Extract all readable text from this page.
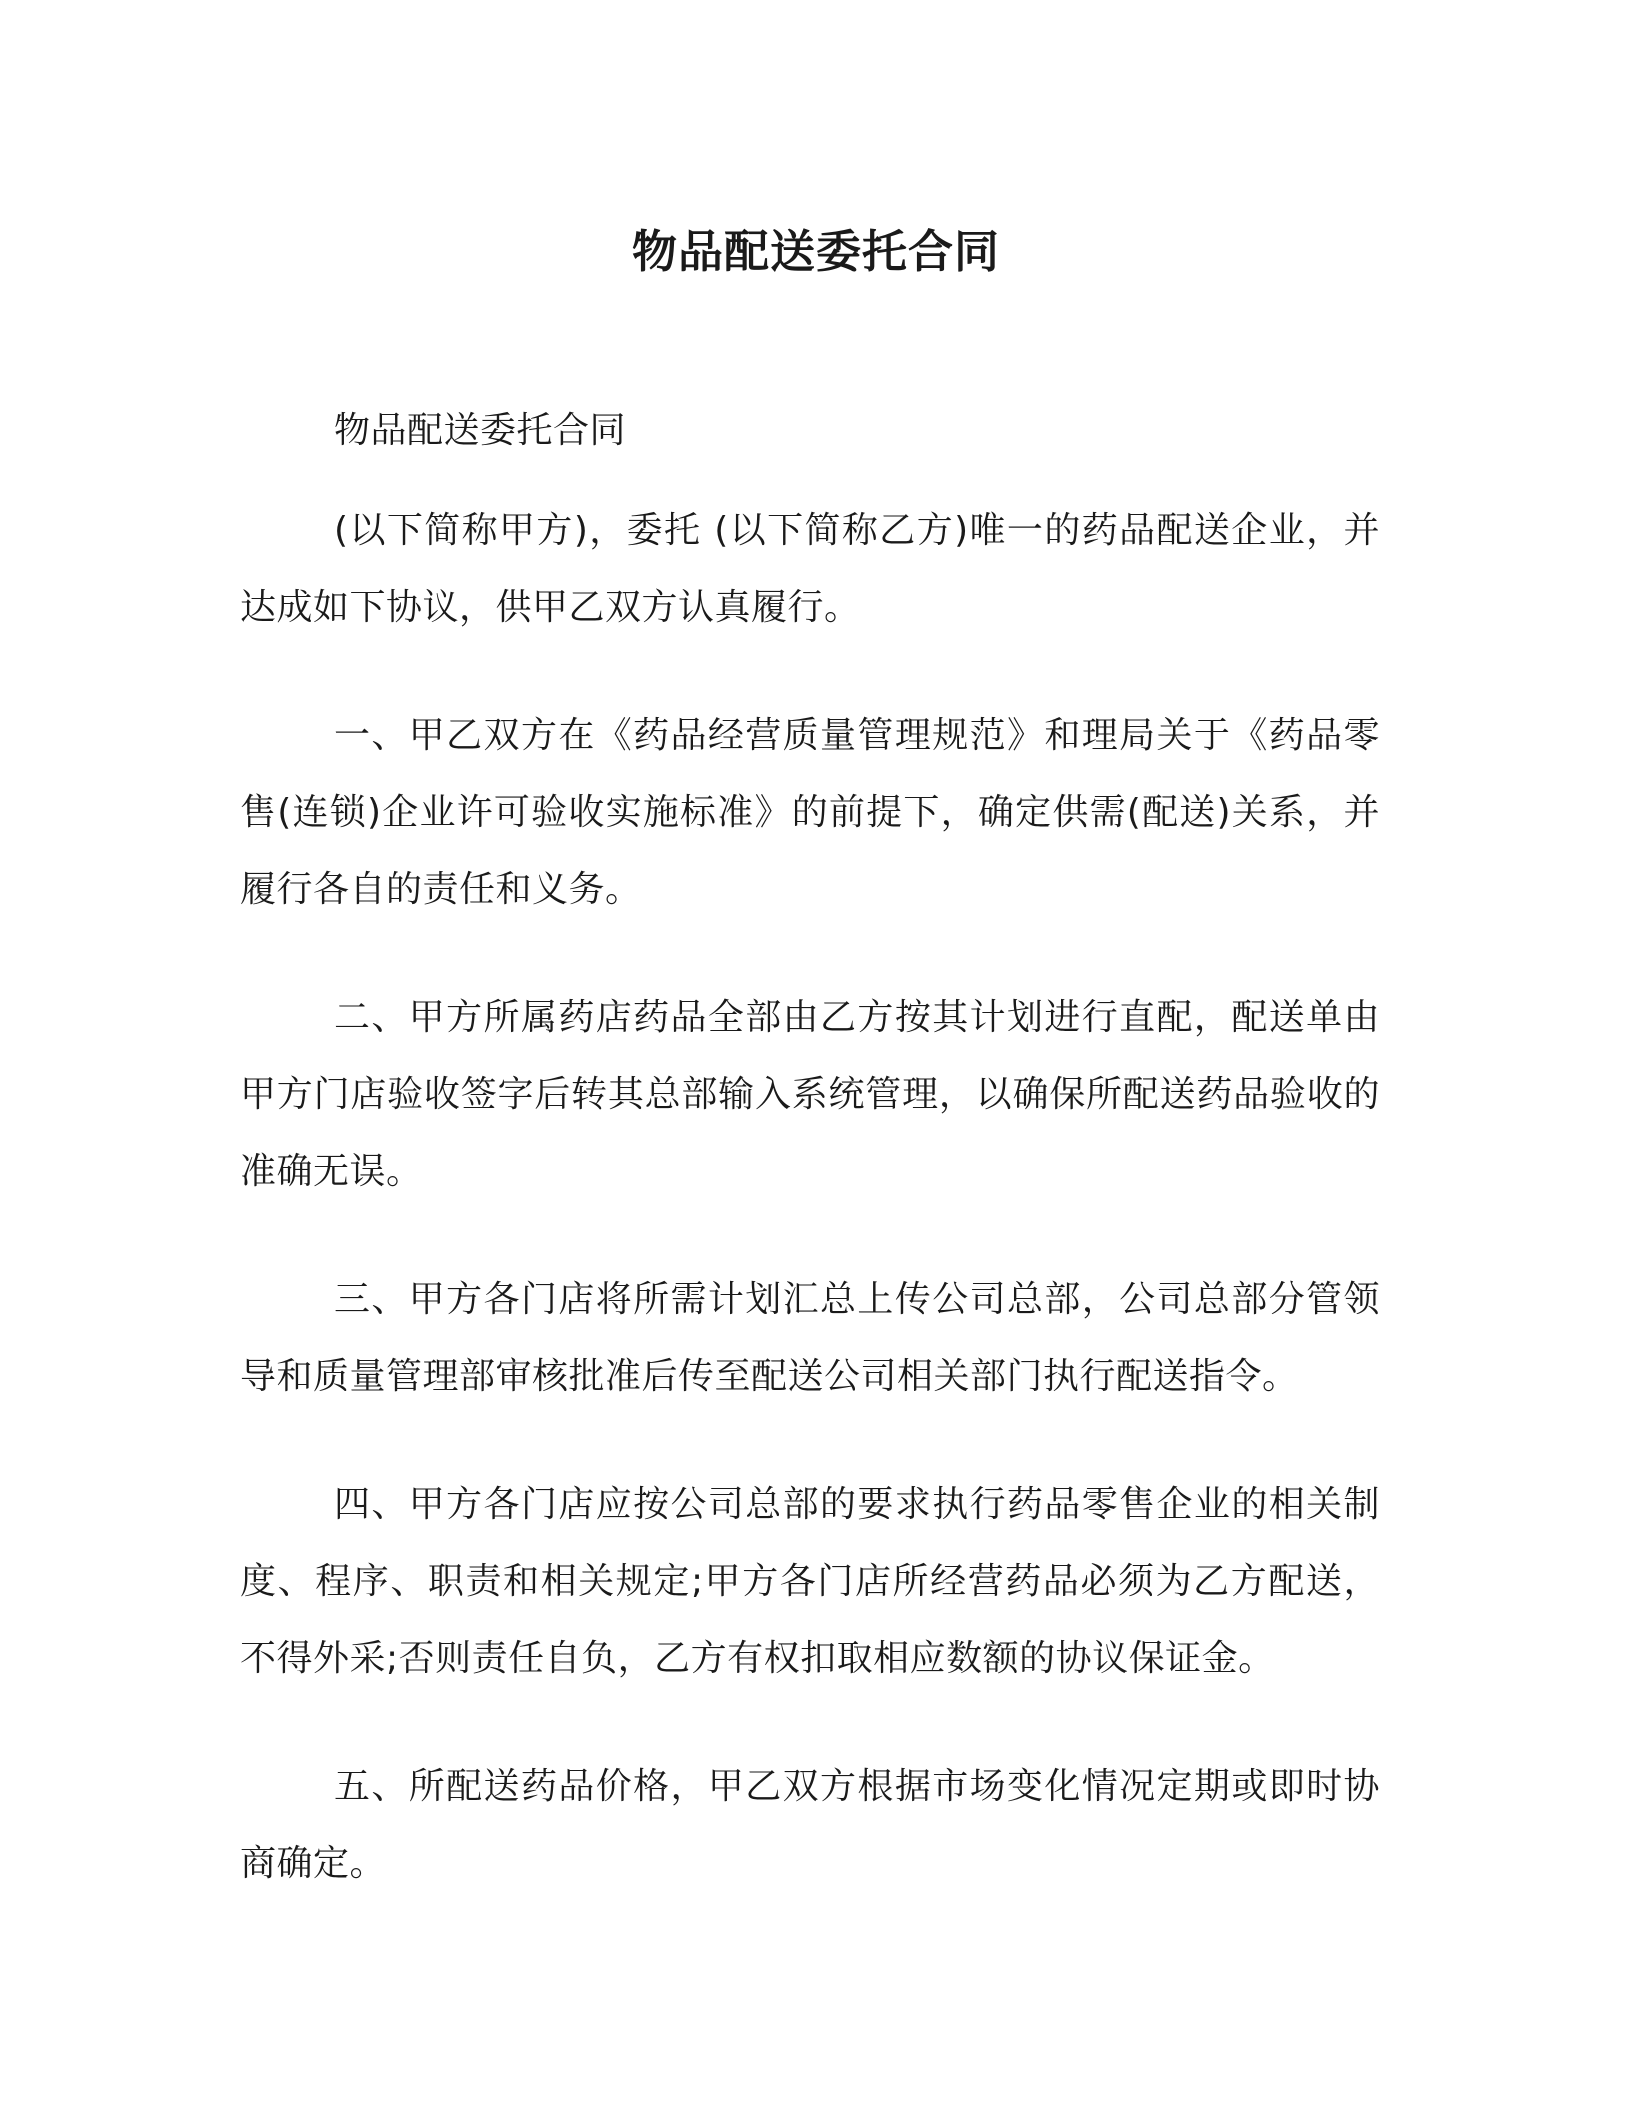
物品配送委托合同

物品配送委托合同

(以下简称甲方)，委托 (以下简称乙方)唯一的药品配送企业，并达成如下协议，供甲乙双方认真履行。

一、甲乙双方在《药品经营质量管理规范》和理局关于《药品零售(连锁)企业许可验收实施标准》的前提下，确定供需(配送)关系，并履行各自的责任和义务。

二、甲方所属药店药品全部由乙方按其计划进行直配，配送单由甲方门店验收签字后转其总部输入系统管理，以确保所配送药品验收的准确无误。

三、甲方各门店将所需计划汇总上传公司总部，公司总部分管领导和质量管理部审核批准后传至配送公司相关部门执行配送指令。

四、甲方各门店应按公司总部的要求执行药品零售企业的相关制度、程序、职责和相关规定;甲方各门店所经营药品必须为乙方配送，不得外采;否则责任自负，乙方有权扣取相应数额的协议保证金。

五、所配送药品价格，甲乙双方根据市场变化情况定期或即时协商确定。
